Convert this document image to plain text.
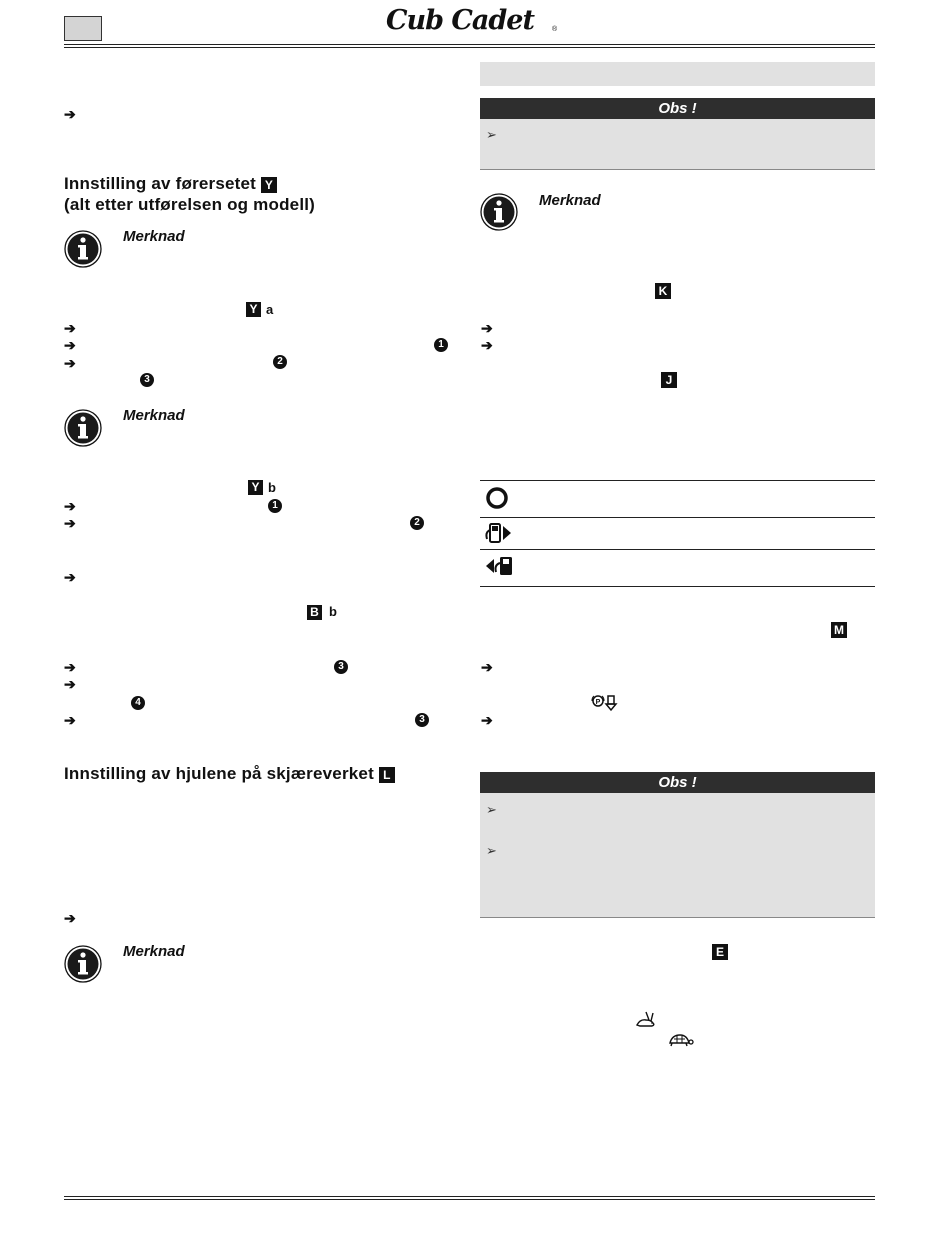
Cub Cadet	®
➔
Innstilling av førersetet Y
(alt etter utførelsen og modell)
Merknad
Y a
➔
➔	1
➔	2
3
Merknad
Y b
➔	1
➔	2
➔
B b
➔	3
➔
4
➔	3
Innstilling av hjulene på skjæreverket L
➔
Merknad
Obs !
➢
Merknad
K
➔
➔
J
M
➔
P
➔
Obs !
➢
➢
E
